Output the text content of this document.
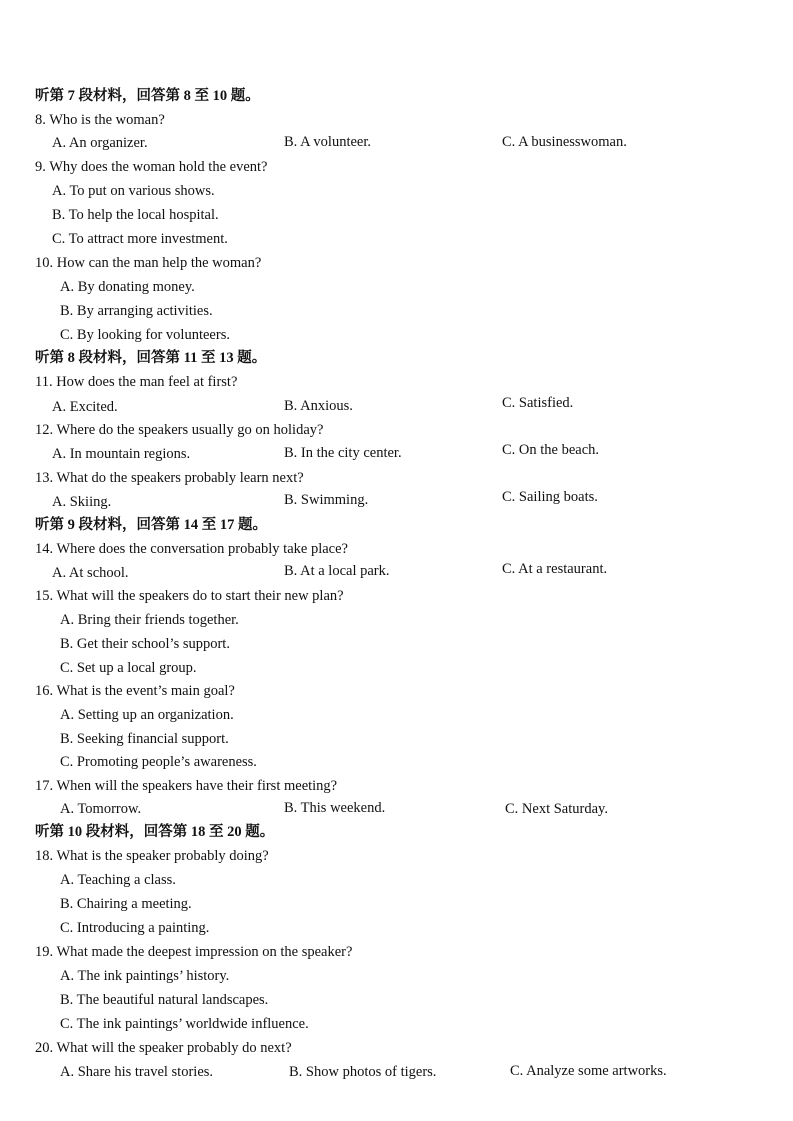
听第 7 段材料，回答第 8 至 10 题。
8. Who is the woman?
A. An organizer.	B. A volunteer.	C. A businesswoman.
9. Why does the woman hold the event?
A. To put on various shows.
B. To help the local hospital.
C. To attract more investment.
10. How can the man help the woman?
A. By donating money.
B. By arranging activities.
C. By looking for volunteers.
听第 8 段材料，回答第 11 至 13 题。
11. How does the man feel at first?
A. Excited.	B. Anxious.	C. Satisfied.
12. Where do the speakers usually go on holiday?
A. In mountain regions.	B. In the city center.	C. On the beach.
13. What do the speakers probably learn next?
A. Skiing.	B. Swimming.	C. Sailing boats.
听第 9 段材料，回答第 14 至 17 题。
14. Where does the conversation probably take place?
A. At school.	B. At a local park.	C. At a restaurant.
15. What will the speakers do to start their new plan?
A. Bring their friends together.
B. Get their school’s support.
C. Set up a local group.
16. What is the event’s main goal?
A. Setting up an organization.
B. Seeking financial support.
C. Promoting people’s awareness.
17. When will the speakers have their first meeting?
A. Tomorrow.	B. This weekend.	C. Next Saturday.
听第 10 段材料，回答第 18 至 20 题。
18. What is the speaker probably doing?
A. Teaching a class.
B. Chairing a meeting.
C. Introducing a painting.
19. What made the deepest impression on the speaker?
A. The ink paintings’ history.
B. The beautiful natural landscapes.
C. The ink paintings’ worldwide influence.
20. What will the speaker probably do next?
A. Share his travel stories.	B. Show photos of tigers.	C. Analyze some artworks.
